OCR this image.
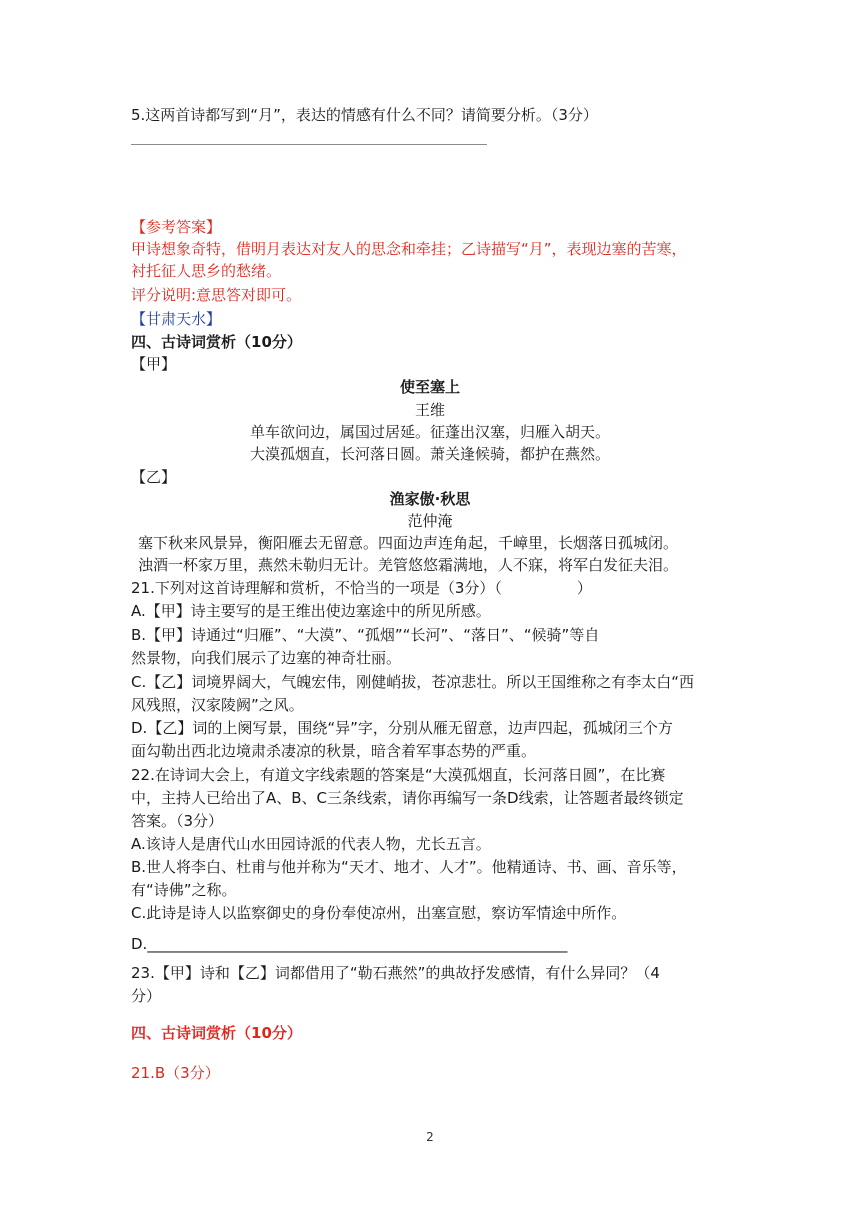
5.这两首诗都写到“月”，表达的情感有什么不同？请简要分析。（3分）
【参考答案】
甲诗想象奇特，借明月表达对友人的思念和牵挂；乙诗描写“月”，表现边塞的苦寒，
衬托征人思乡的愁绪。
评分说明:意思答对即可。
【甘肃天水】
四、古诗词赏析（10分）
【甲】
使至塞上
王维
单车欲问边，属国过居延。征蓬出汉塞，归雁入胡天。
大漠孤烟直，长河落日圆。萧关逢候骑，都护在燕然。
【乙】
渔家傲·秋思
范仲淹
塞下秋来风景异，衡阳雁去无留意。四面边声连角起，千嶂里，长烟落日孤城闭。
浊酒一杯家万里，燕然未勒归无计。羌管悠悠霜满地，人不寐，将军白发征夫泪。
21.下列对这首诗理解和赏析，不恰当的一项是（3分）（　　　　　）
A.【甲】诗主要写的是王维出使边塞途中的所见所感。
B.【甲】诗通过“归雁”、“大漠”、“孤烟”“长河”、“落日”、“候骑”等自
然景物，向我们展示了边塞的神奇壮丽。
C.【乙】词境界阔大，气魄宏伟，刚健峭拔，苍凉悲壮。所以王国维称之有李太白“西
风残照，汉家陵阙”之风。
D.【乙】词的上阕写景，围绕“异”字，分别从雁无留意，边声四起，孤城闭三个方
面勾勒出西北边境肃杀凄凉的秋景，暗含着军事态势的严重。
22.在诗词大会上，有道文字线索题的答案是“大漠孤烟直，长河落日圆”，在比赛
中，主持人已给出了A、B、C三条线索，请你再编写一条D线索，让答题者最终锁定
答案。（3分）
A.该诗人是唐代山水田园诗派的代表人物，尤长五言。
B.世人将李白、杜甫与他并称为“天才、地才、人才”。他精通诗、书、画、音乐等，
有“诗佛”之称。
C.此诗是诗人以监察御史的身份奉使凉州，出塞宣慰，察访军情途中所作。
D.________________________________________________________
23.【甲】诗和【乙】词都借用了“勒石燕然”的典故抒发感情，有什么异同？（4
分）
四、古诗词赏析（10分）
21.B（3分）
2
